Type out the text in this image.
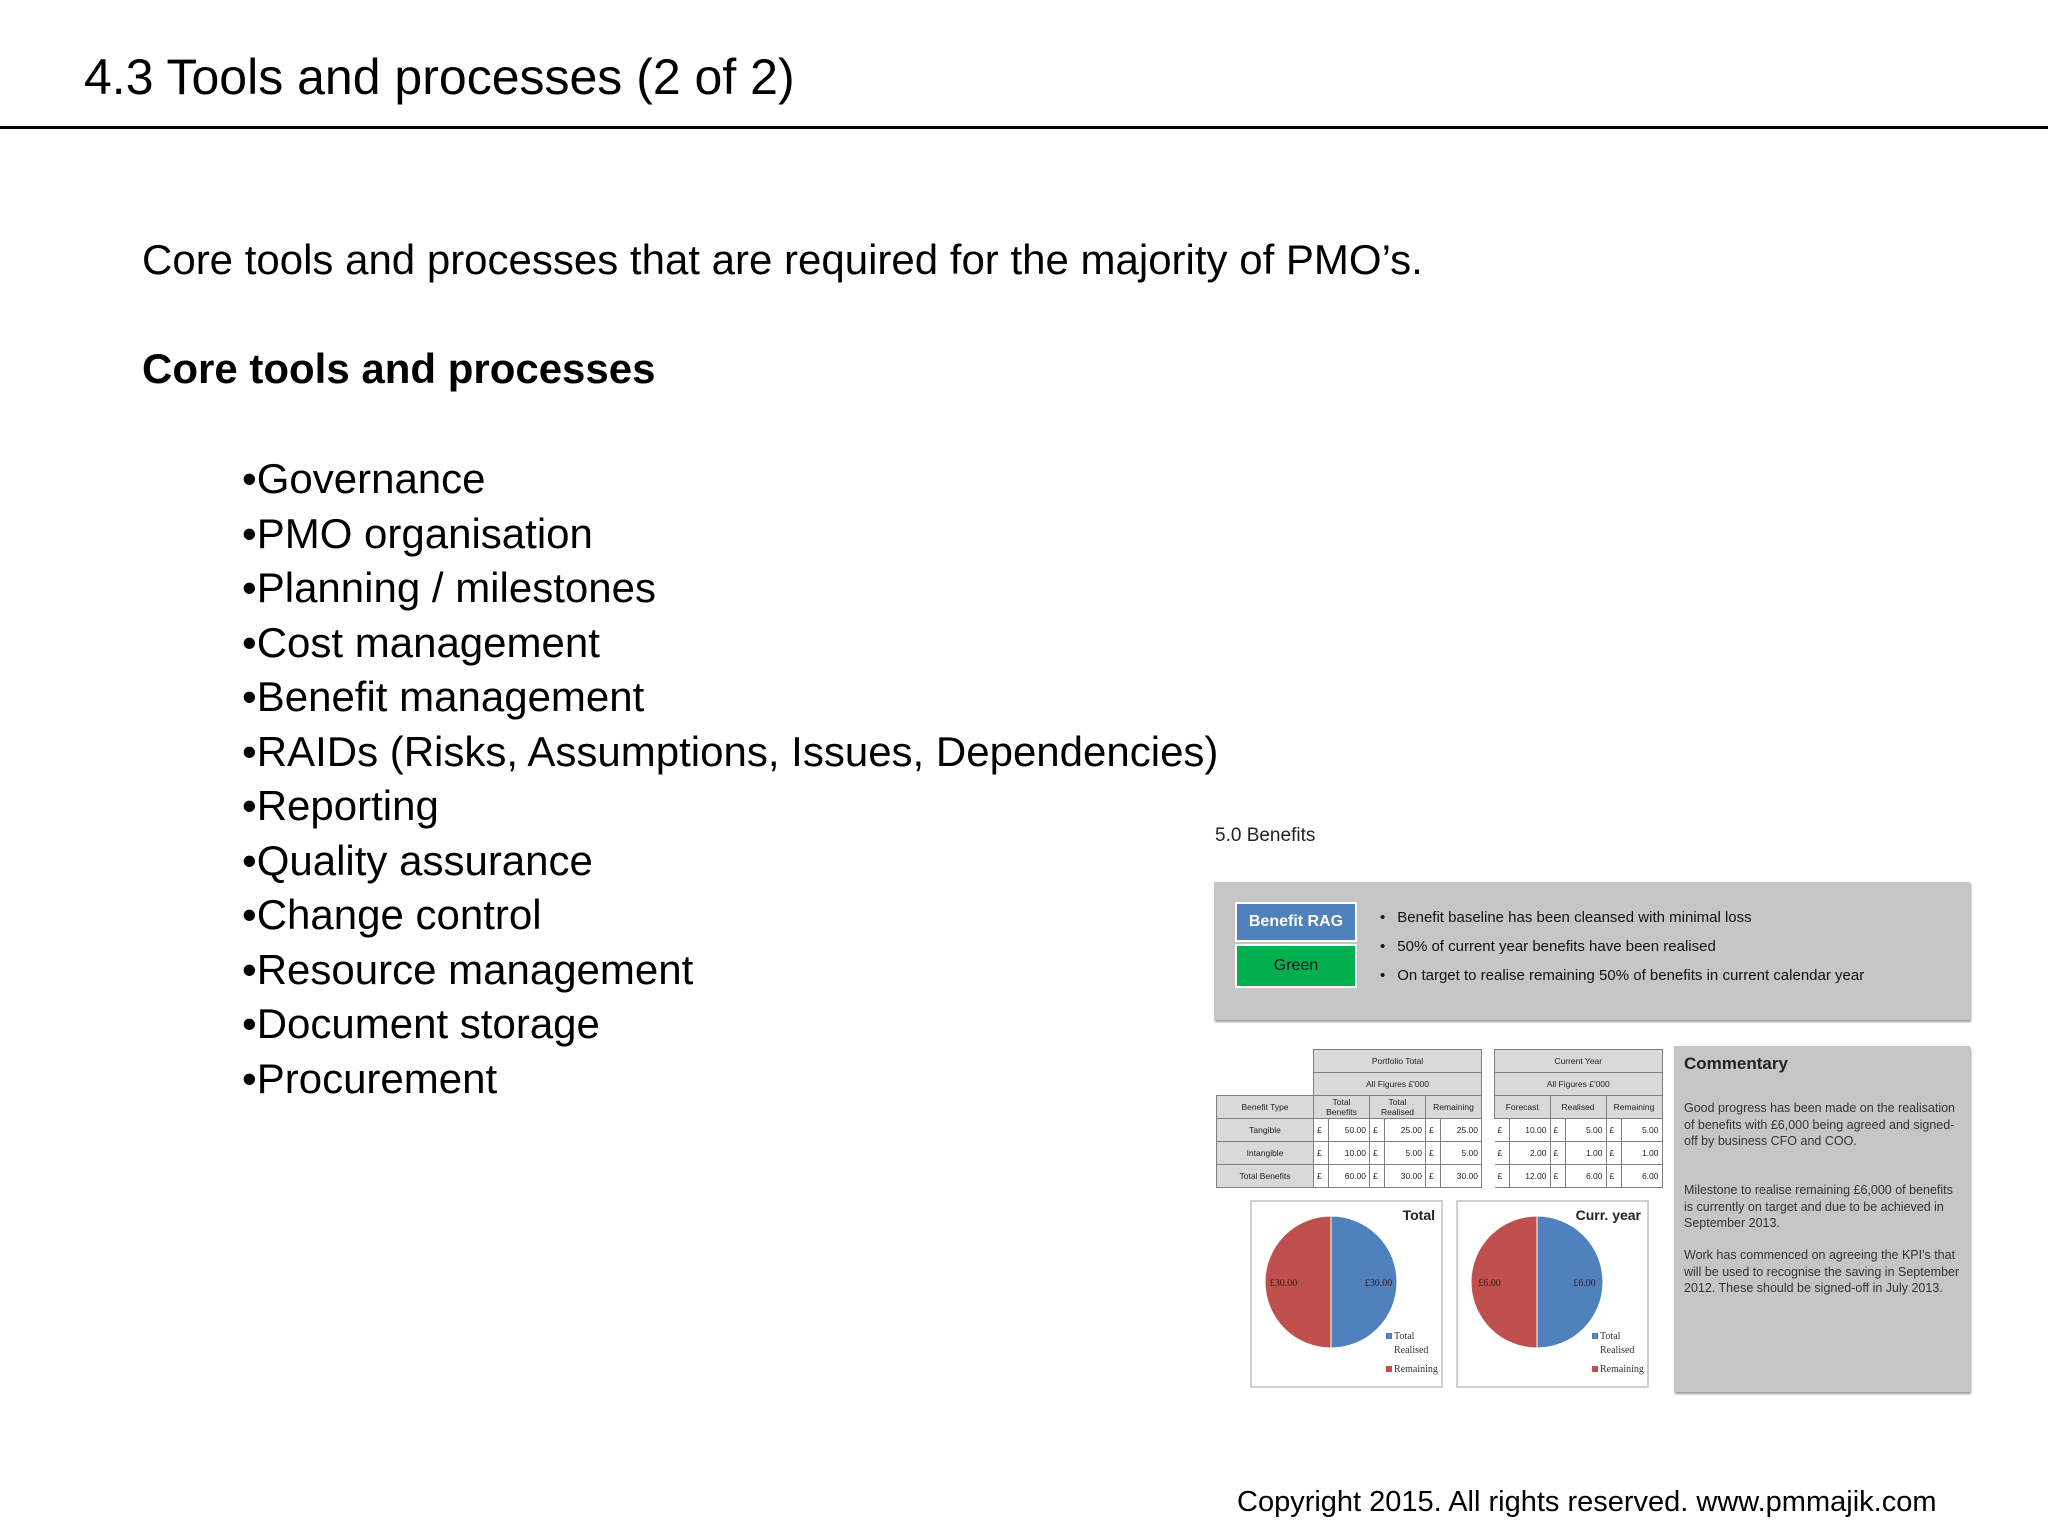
4.3 Tools and processes (2 of 2)
Core tools and processes that are required for the majority of PMO’s.
Core tools and processes
• Governance
• PMO organisation
• Planning / milestones
• Cost management
• Benefit management
• RAIDs (Risks, Assumptions, Issues, Dependencies)
• Reporting
• Quality assurance
• Change control
• Resource management
• Document storage
• Procurement
5.0 Benefits
Benefit RAG
Green
• Benefit baseline has been cleansed with minimal loss
• 50% of current year benefits have been realised
• On target to realise remaining 50% of benefits in current calendar year
	Portfolio Total							Current Year					
	All Figures £'000							All Figures £'000					
Benefit Type	Total Benefits		Total Realised		Remaining			Forecast		Realised		Remaining	
Tangible	£	50.00	£	25.00	£	25.00		£	10.00	£	5.00	£	5.00
Intangible	£	10.00	£	5.00	£	5.00		£	2.00	£	1.00	£	1.00
Total Benefits	£	60.00	£	30.00	£	30.00		£	12.00	£	6.00	£	6.00
£30.00
£30.00
Total
Total
Realised
Remaining
£6.00
£6.00
Curr. year
Total
Realised
Remaining
Commentary

Good progress has been made on the realisation of benefits with £6,000 being agreed and signed-off by business CFO and COO.

Milestone to realise remaining £6,000 of benefits is currently on target and due to be achieved in September 2013.

Work has commenced on agreeing the KPI's that will be used to recognise the saving in September 2012. These should be signed-off in July 2013.

Copyright 2015. All rights reserved. www.pmmajik.com
